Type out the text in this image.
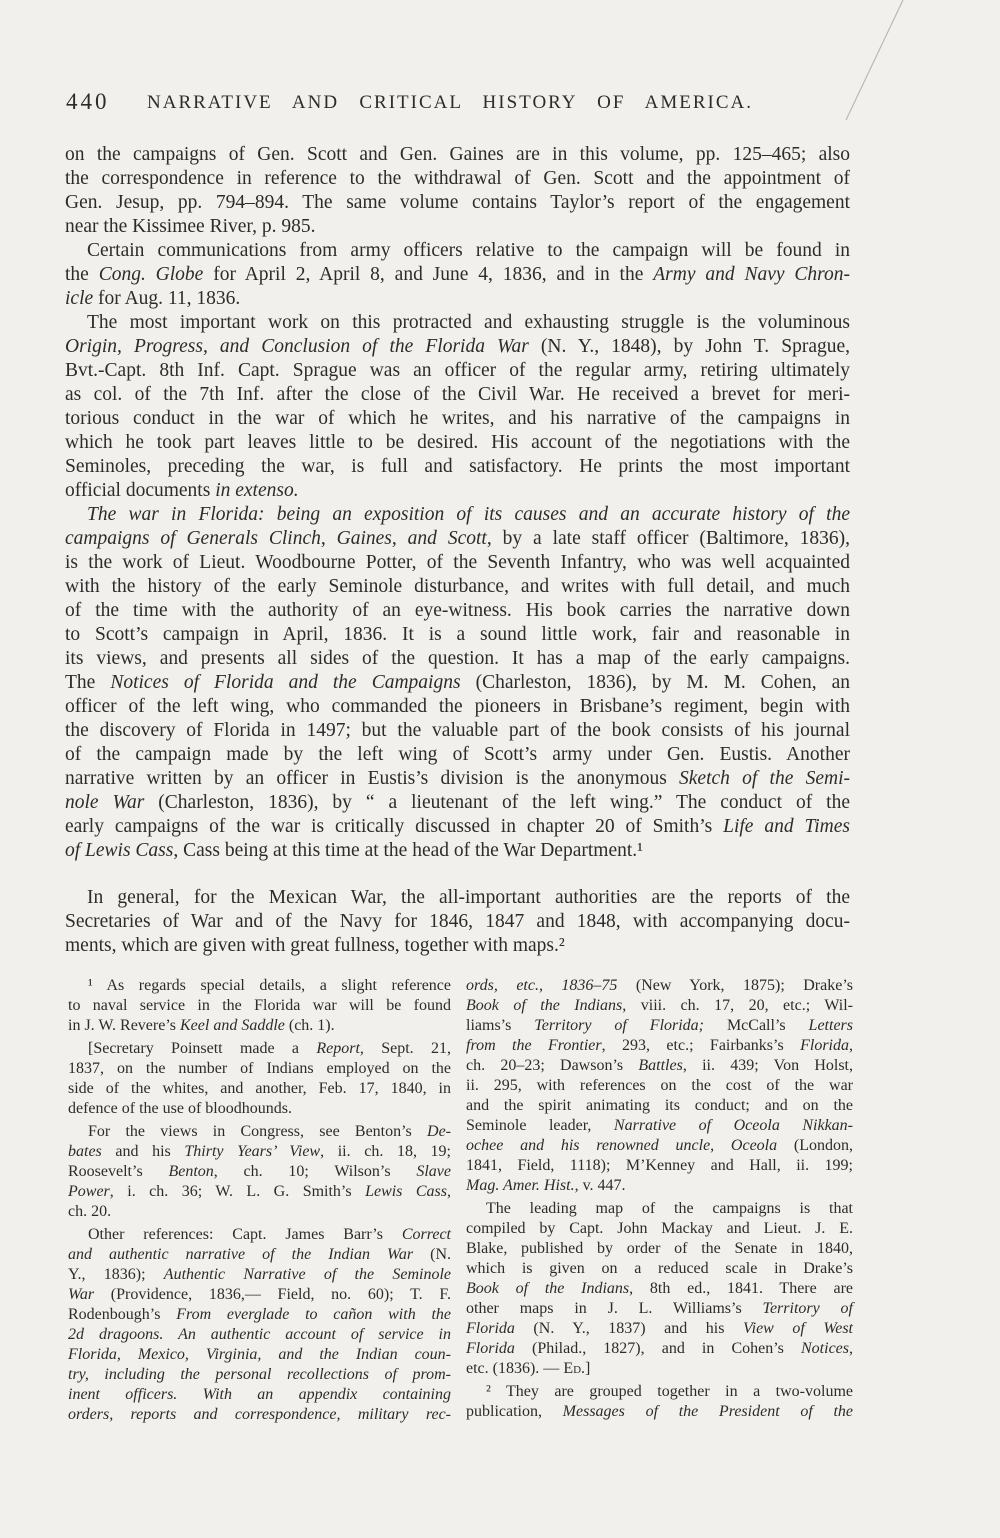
440 NARRATIVE AND CRITICAL HISTORY OF AMERICA.
on the campaigns of Gen. Scott and Gen. Gaines are in this volume, pp. 125–465; also
the correspondence in reference to the withdrawal of Gen. Scott and the appointment of
Gen. Jesup, pp. 794–894. The same volume contains Taylor’s report of the engagement
near the Kissimee River, p. 985.
Certain communications from army officers relative to the campaign will be found in
the Cong. Globe for April 2, April 8, and June 4, 1836, and in the Army and Navy Chron-
icle for Aug. 11, 1836.
The most important work on this protracted and exhausting struggle is the voluminous
Origin, Progress, and Conclusion of the Florida War (N. Y., 1848), by John T. Sprague,
Bvt.-Capt. 8th Inf. Capt. Sprague was an officer of the regular army, retiring ultimately
as col. of the 7th Inf. after the close of the Civil War. He received a brevet for meri-
torious conduct in the war of which he writes, and his narrative of the campaigns in
which he took part leaves little to be desired. His account of the negotiations with the
Seminoles, preceding the war, is full and satisfactory. He prints the most important
official documents in extenso.
The war in Florida: being an exposition of its causes and an accurate history of the
campaigns of Generals Clinch, Gaines, and Scott, by a late staff officer (Baltimore, 1836),
is the work of Lieut. Woodbourne Potter, of the Seventh Infantry, who was well acquainted
with the history of the early Seminole disturbance, and writes with full detail, and much
of the time with the authority of an eye-witness. His book carries the narrative down
to Scott’s campaign in April, 1836. It is a sound little work, fair and reasonable in
its views, and presents all sides of the question. It has a map of the early campaigns.
The Notices of Florida and the Campaigns (Charleston, 1836), by M. M. Cohen, an
officer of the left wing, who commanded the pioneers in Brisbane’s regiment, begin with
the discovery of Florida in 1497; but the valuable part of the book consists of his journal
of the campaign made by the left wing of Scott’s army under Gen. Eustis. Another
narrative written by an officer in Eustis’s division is the anonymous Sketch of the Semi-
nole War (Charleston, 1836), by “ a lieutenant of the left wing.” The conduct of the
early campaigns of the war is critically discussed in chapter 20 of Smith’s Life and Times
of Lewis Cass, Cass being at this time at the head of the War Department.¹
In general, for the Mexican War, the all-important authorities are the reports of the
Secretaries of War and of the Navy for 1846, 1847 and 1848, with accompanying docu-
ments, which are given with great fullness, together with maps.²
¹ As regards special details, a slight reference
to naval service in the Florida war will be found
in J. W. Revere’s Keel and Saddle (ch. 1).
[Secretary Poinsett made a Report, Sept. 21,
1837, on the number of Indians employed on the
side of the whites, and another, Feb. 17, 1840, in
defence of the use of bloodhounds.
For the views in Congress, see Benton’s De-
bates and his Thirty Years’ View, ii. ch. 18, 19;
Roosevelt’s Benton, ch. 10; Wilson’s Slave
Power, i. ch. 36; W. L. G. Smith’s Lewis Cass,
ch. 20.
Other references: Capt. James Barr’s Correct
and authentic narrative of the Indian War (N.
Y., 1836); Authentic Narrative of the Seminole
War (Providence, 1836,— Field, no. 60); T. F.
Rodenbough’s From everglade to cañon with the
2d dragoons. An authentic account of service in
Florida, Mexico, Virginia, and the Indian coun-
try, including the personal recollections of prom-
inent officers. With an appendix containing
orders, reports and correspondence, military rec-
ords, etc., 1836–75 (New York, 1875); Drake’s
Book of the Indians, viii. ch. 17, 20, etc.; Wil-
liams’s Territory of Florida; McCall’s Letters
from the Frontier, 293, etc.; Fairbanks’s Florida,
ch. 20–23; Dawson’s Battles, ii. 439; Von Holst,
ii. 295, with references on the cost of the war
and the spirit animating its conduct; and on the
Seminole leader, Narrative of Oceola Nikkan-
ochee and his renowned uncle, Oceola (London,
1841, Field, 1118); M’Kenney and Hall, ii. 199;
Mag. Amer. Hist., v. 447.
The leading map of the campaigns is that
compiled by Capt. John Mackay and Lieut. J. E.
Blake, published by order of the Senate in 1840,
which is given on a reduced scale in Drake’s
Book of the Indians, 8th ed., 1841. There are
other maps in J. L. Williams’s Territory of
Florida (N. Y., 1837) and his View of West
Florida (Philad., 1827), and in Cohen’s Notices,
etc. (1836). — Ed.]
² They are grouped together in a two-volume
publication, Messages of the President of the
